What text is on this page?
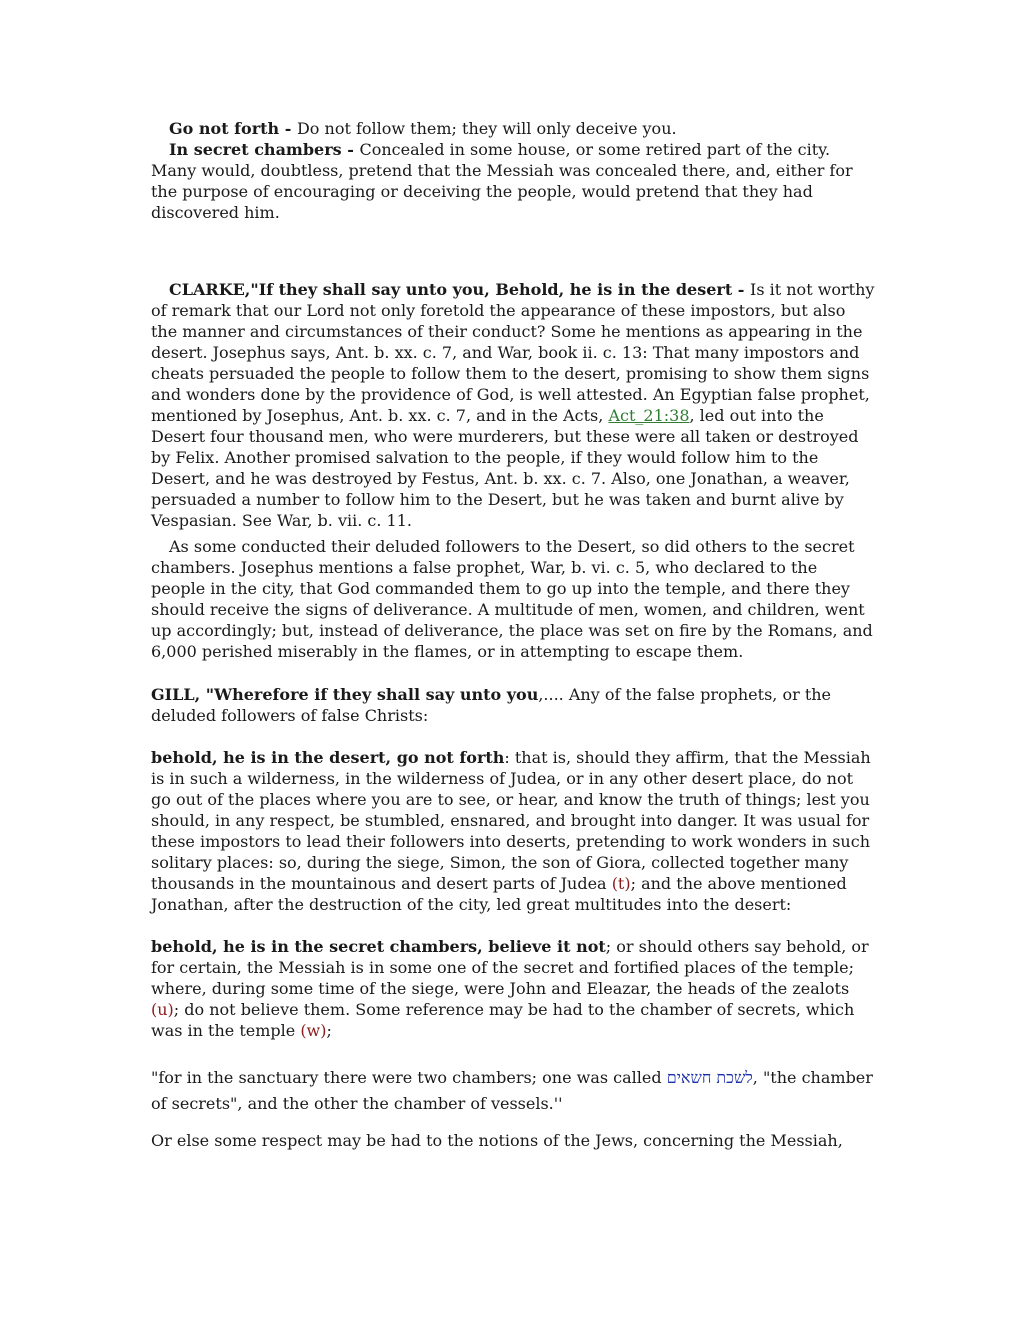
Go not forth - Do not follow them; they will only deceive you.

In secret chambers - Concealed in some house, or some retired part of the city. Many would, doubtless, pretend that the Messiah was concealed there, and, either for the purpose of encouraging or deceiving the people, would pretend that they had discovered him.

CLARKE,"If they shall say unto you, Behold, he is in the desert - Is it not worthy of remark that our Lord not only foretold the appearance of these impostors, but also the manner and circumstances of their conduct? Some he mentions as appearing in the desert. Josephus says, Ant. b. xx. c. 7, and War, book ii. c. 13: That many impostors and cheats persuaded the people to follow them to the desert, promising to show them signs and wonders done by the providence of God, is well attested. An Egyptian false prophet, mentioned by Josephus, Ant. b. xx. c. 7, and in the Acts, Act_21:38, led out into the Desert four thousand men, who were murderers, but these were all taken or destroyed by Felix. Another promised salvation to the people, if they would follow him to the Desert, and he was destroyed by Festus, Ant. b. xx. c. 7. Also, one Jonathan, a weaver, persuaded a number to follow him to the Desert, but he was taken and burnt alive by Vespasian. See War, b. vii. c. 11.

As some conducted their deluded followers to the Desert, so did others to the secret chambers. Josephus mentions a false prophet, War, b. vi. c. 5, who declared to the people in the city, that God commanded them to go up into the temple, and there they should receive the signs of deliverance. A multitude of men, women, and children, went up accordingly; but, instead of deliverance, the place was set on fire by the Romans, and 6,000 perished miserably in the flames, or in attempting to escape them.

GILL, "Wherefore if they shall say unto you,.... Any of the false prophets, or the deluded followers of false Christs:

behold, he is in the desert, go not forth: that is, should they affirm, that the Messiah is in such a wilderness, in the wilderness of Judea, or in any other desert place, do not go out of the places where you are to see, or hear, and know the truth of things; lest you should, in any respect, be stumbled, ensnared, and brought into danger. It was usual for these impostors to lead their followers into deserts, pretending to work wonders in such solitary places: so, during the siege, Simon, the son of Giora, collected together many thousands in the mountainous and desert parts of Judea (t); and the above mentioned Jonathan, after the destruction of the city, led great multitudes into the desert:

behold, he is in the secret chambers, believe it not; or should others say behold, or for certain, the Messiah is in some one of the secret and fortified places of the temple; where, during some time of the siege, were John and Eleazar, the heads of the zealots (u); do not believe them. Some reference may be had to the chamber of secrets, which was in the temple (w);

"for in the sanctuary there were two chambers; one was called לשכת חשאים, "the chamber of secrets", and the other the chamber of vessels.''

Or else some respect may be had to the notions of the Jews, concerning the Messiah,
